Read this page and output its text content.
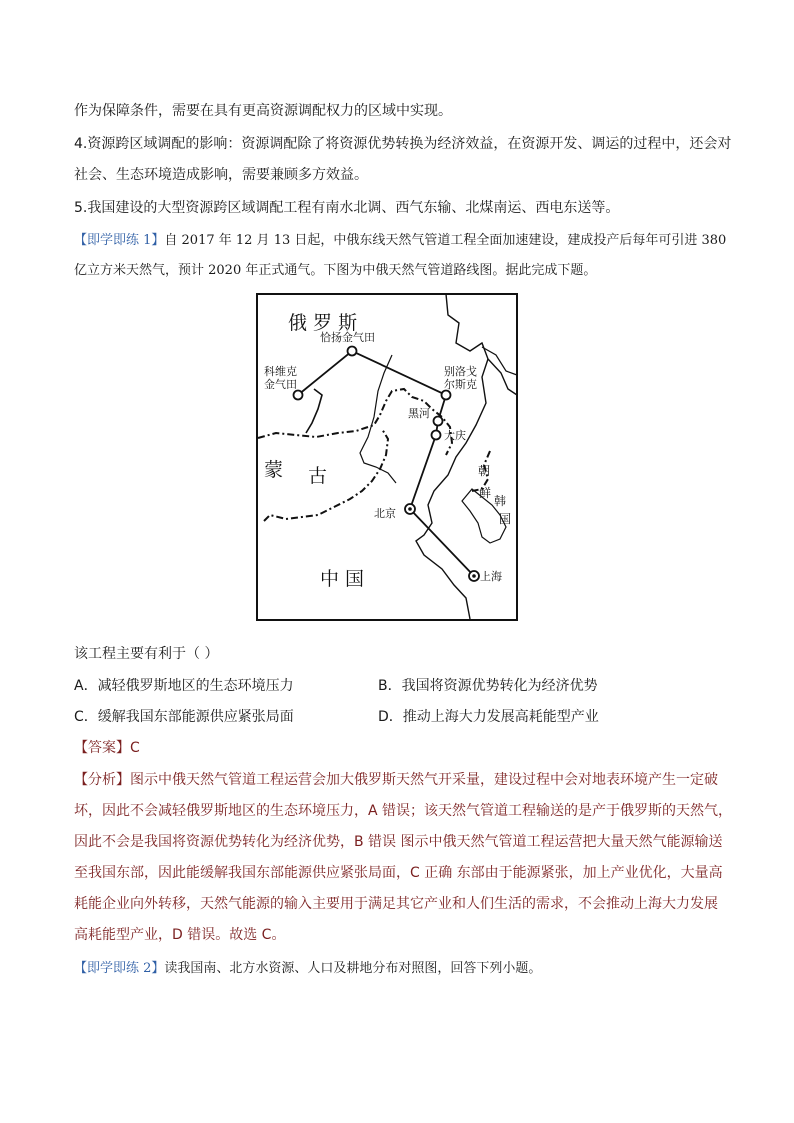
作为保障条件，需要在具有更高资源调配权力的区域中实现。
4.资源跨区域调配的影响：资源调配除了将资源优势转换为经济效益，在资源开发、调运的过程中，还会对
社会、生态环境造成影响，需要兼顾多方效益。
5.我国建设的大型资源跨区域调配工程有南水北调、西气东输、北煤南运、西电东送等。
【即学即练 1】自 2017 年 12 月 13 日起，中俄东线天然气管道工程全面加速建设，建成投产后每年可引进 380
亿立方米天然气，预计 2020 年正式通气。下图为中俄天然气管道路线图。据此完成下题。
俄 罗 斯
恰扬金气田
科维克
金气田
别洛戈
尔斯克
黑河
大庆
蒙 古	朝
鲜
韩
国
北京
上海
中 国
该工程主要有利于（ ）
A．减轻俄罗斯地区的生态环境压力	B．我国将资源优势转化为经济优势
C．缓解我国东部能源供应紧张局面	D．推动上海大力发展高耗能型产业
【答案】C
【分析】图示中俄天然气管道工程运营会加大俄罗斯天然气开采量，建设过程中会对地表环境产生一定破
坏，因此不会减轻俄罗斯地区的生态环境压力，A 错误；该天然气管道工程输送的是产于俄罗斯的天然气，
因此不会是我国将资源优势转化为经济优势，B 错误 图示中俄天然气管道工程运营把大量天然气能源输送
至我国东部，因此能缓解我国东部能源供应紧张局面，C 正确 东部由于能源紧张，加上产业优化，大量高
耗能企业向外转移，天然气能源的输入主要用于满足其它产业和人们生活的需求，不会推动上海大力发展
高耗能型产业，D 错误。故选 C。
【即学即练 2】读我国南、北方水资源、人口及耕地分布对照图，回答下列小题。
